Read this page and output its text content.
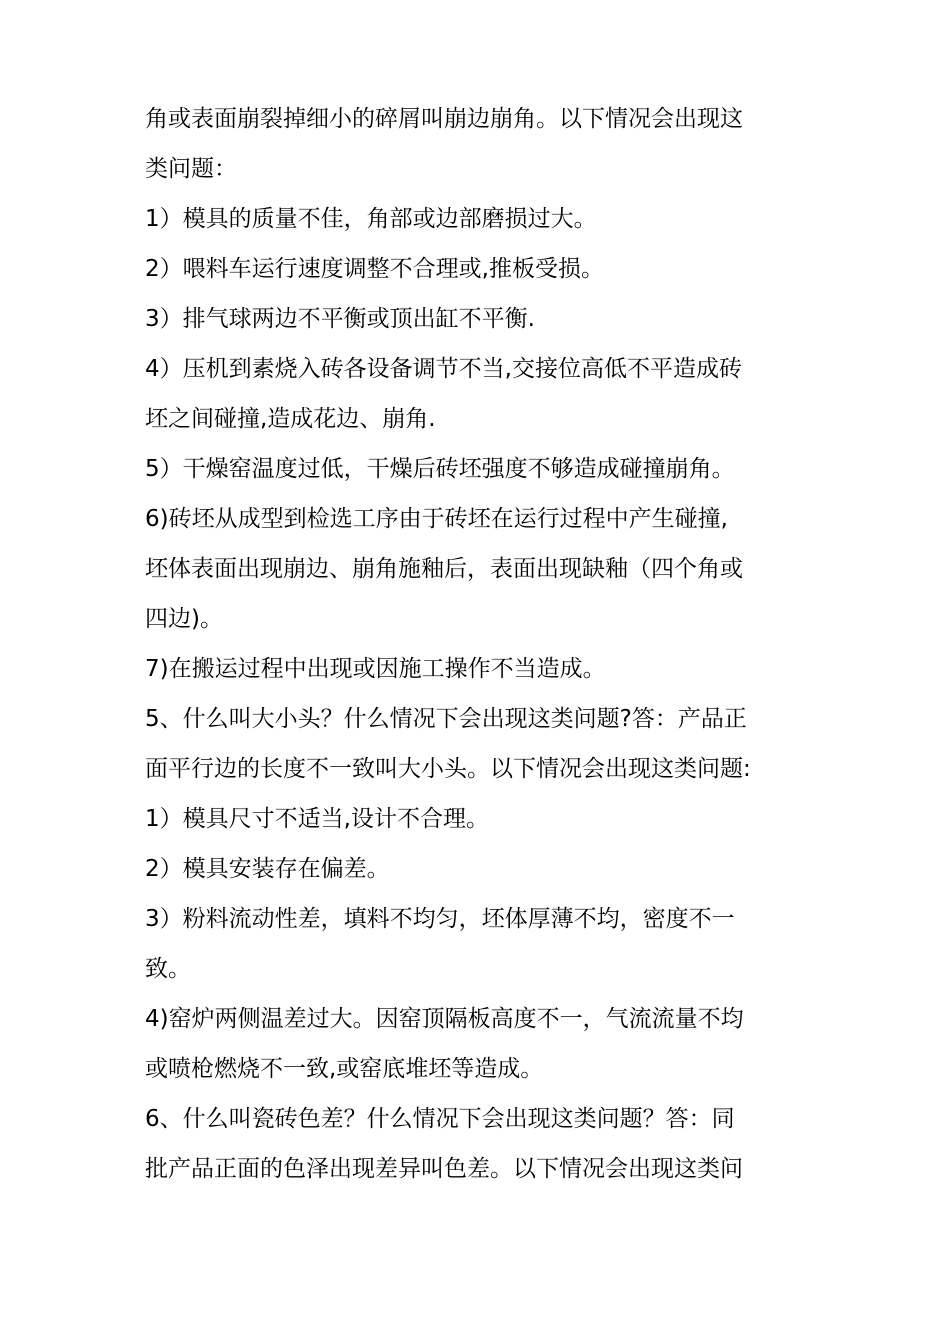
角或表面崩裂掉细小的碎屑叫崩边崩角。以下情况会出现这
类问题：
1）模具的质量不佳，角部或边部磨损过大。
2）喂料车运行速度调整不合理或,推板受损。
3）排气球两边不平衡或顶出缸不平衡.
4）压机到素烧入砖各设备调节不当,交接位高低不平造成砖
坯之间碰撞,造成花边、崩角.
5）干燥窑温度过低，干燥后砖坯强度不够造成碰撞崩角。
6)砖坯从成型到检选工序由于砖坯在运行过程中产生碰撞,
坯体表面出现崩边、崩角施釉后，表面出现缺釉（四个角或
四边)。
7)在搬运过程中出现或因施工操作不当造成。
5、什么叫大小头？什么情况下会出现这类问题?答：产品正
面平行边的长度不一致叫大小头。以下情况会出现这类问题:
1）模具尺寸不适当,设计不合理。
2）模具安装存在偏差。
3）粉料流动性差，填料不均匀，坯体厚薄不均，密度不一
致。
4)窑炉两侧温差过大。因窑顶隔板高度不一，气流流量不均
或喷枪燃烧不一致,或窑底堆坯等造成。
6、什么叫瓷砖色差？什么情况下会出现这类问题？答：同
批产品正面的色泽出现差异叫色差。以下情况会出现这类问
